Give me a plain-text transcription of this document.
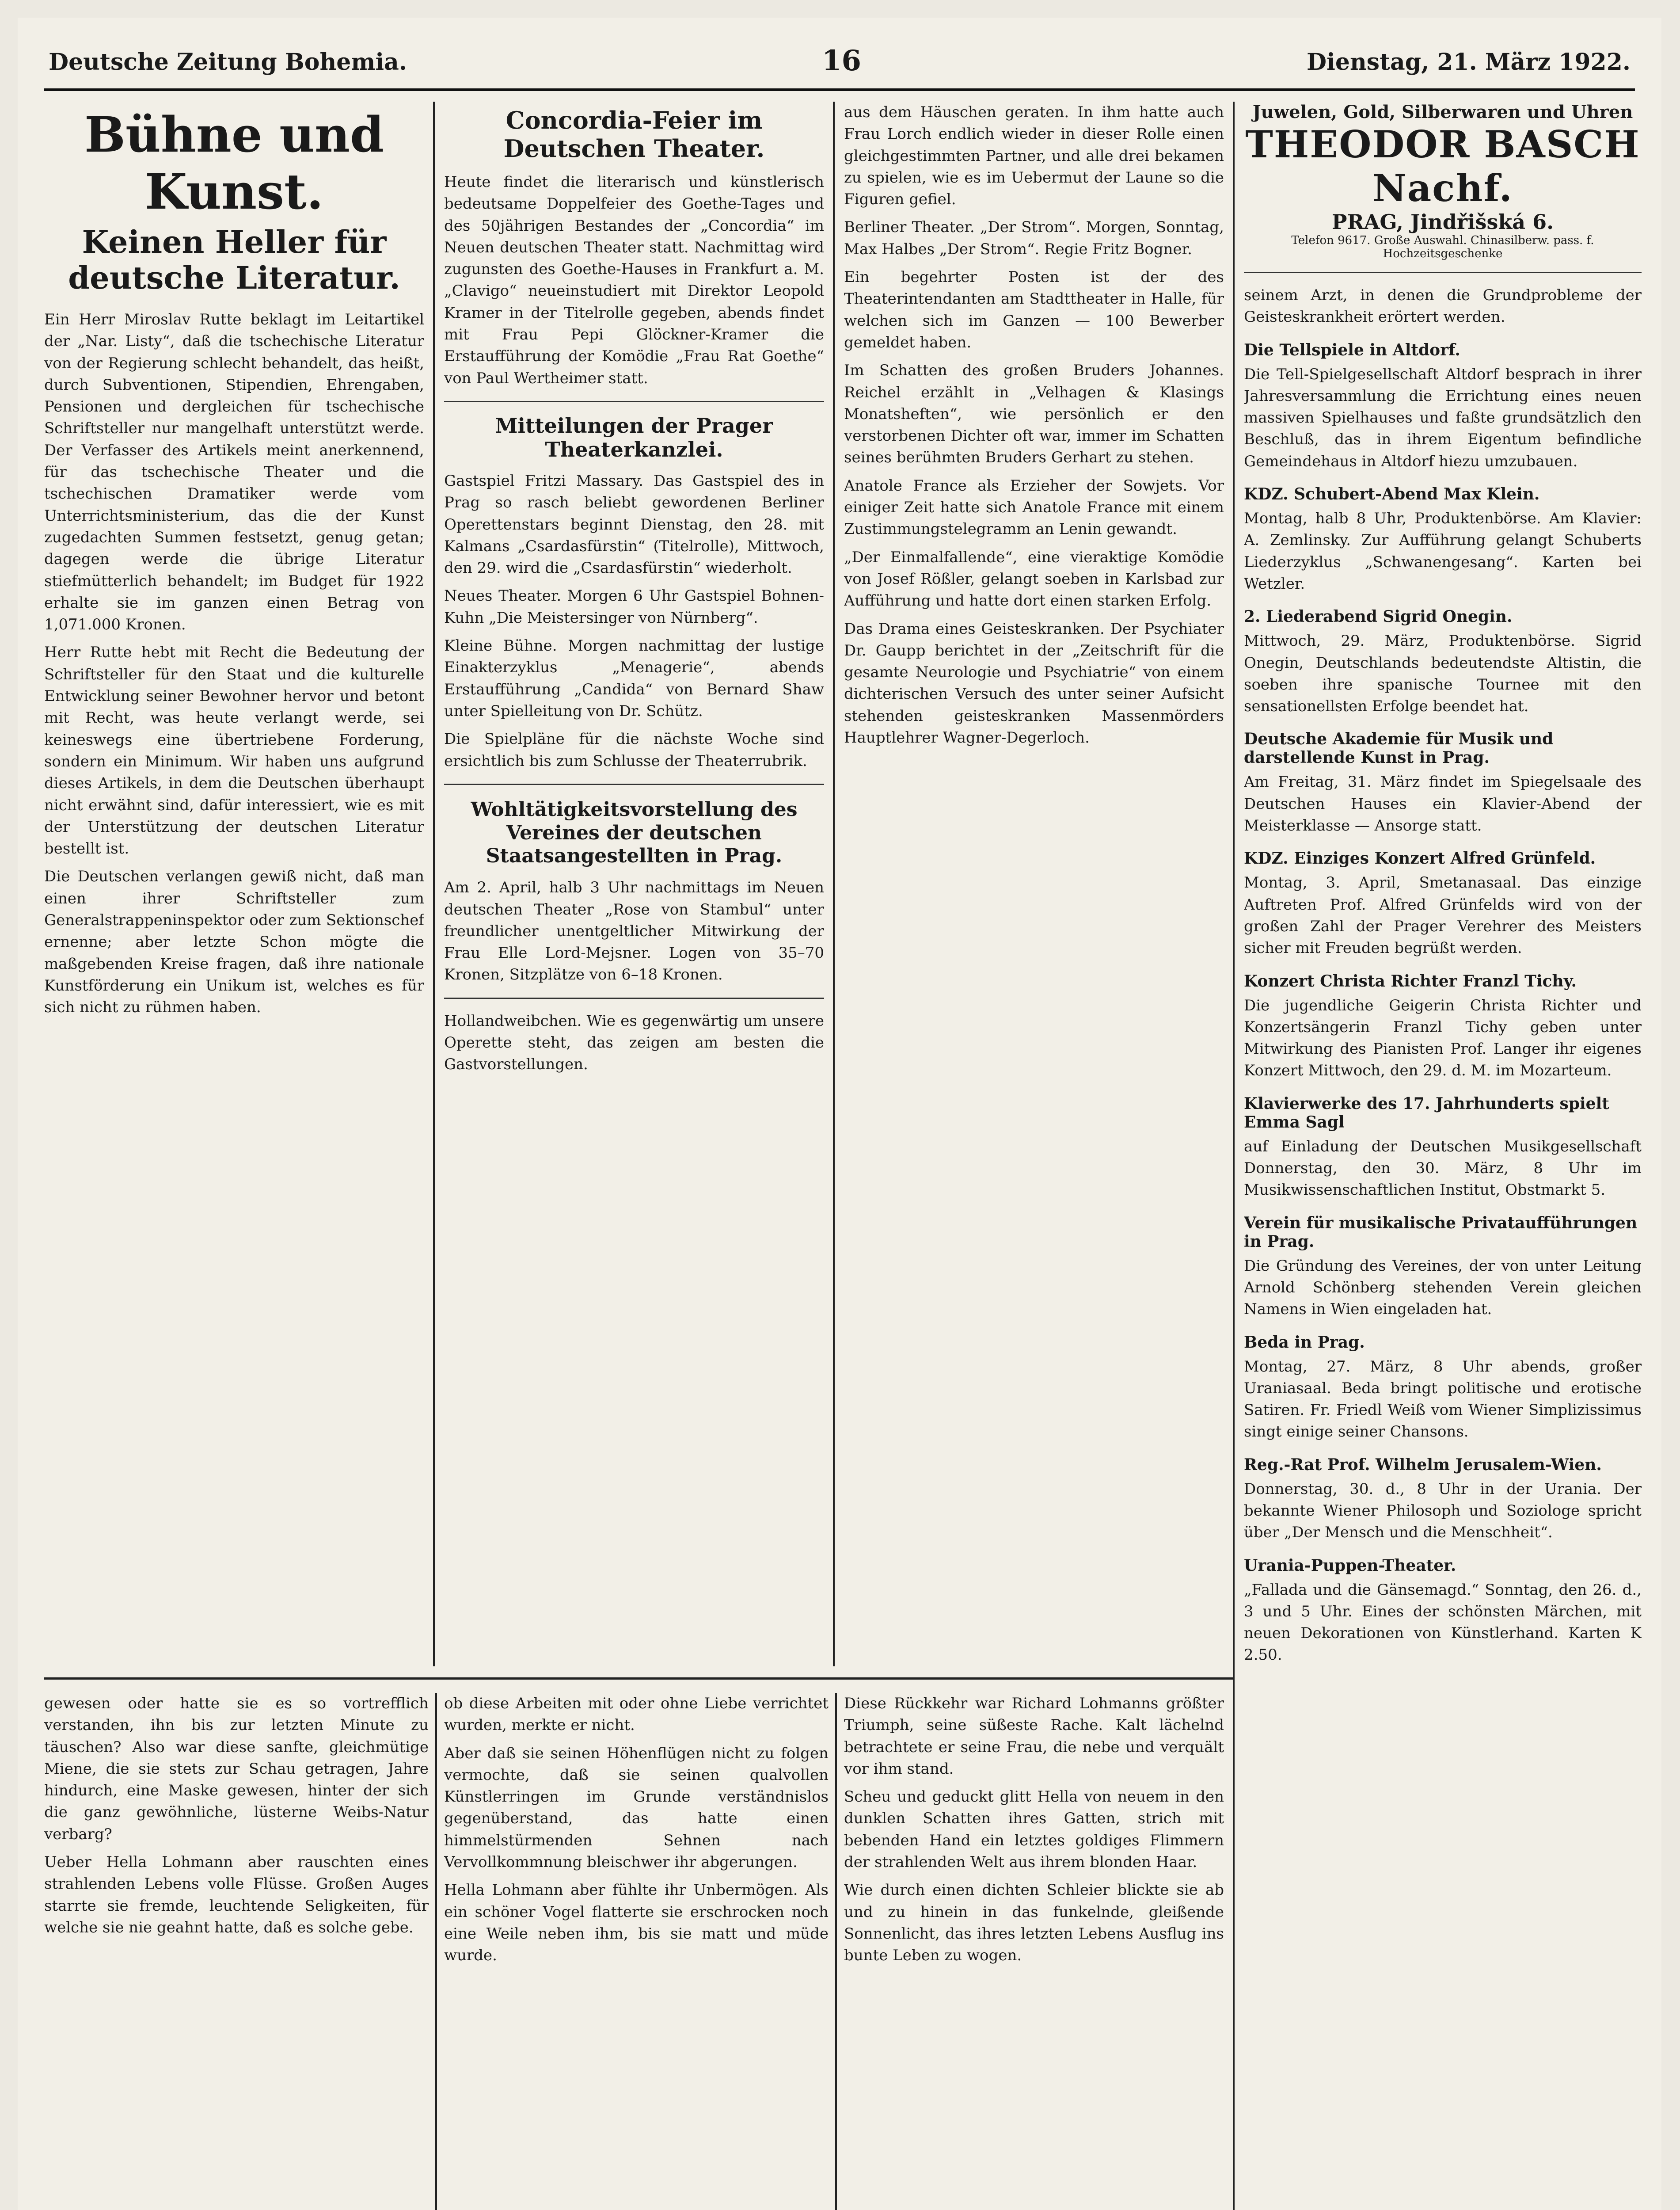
Deutsche Zeitung Bohemia.	16	Dienstag, 21. März 1922.
Bühne und Kunst.
Keinen Heller für deutsche Literatur.

Ein Herr Miroslav Rutte beklagt im Leitartikel der „Nar. Listy“, daß die tschechische Literatur von der Regierung schlecht behandelt, das heißt, durch Subventionen, Stipendien, Ehrengaben, Pensionen und dergleichen für tschechische Schriftsteller nur mangelhaft unterstützt werde. Der Verfasser des Artikels meint anerkennend, für das tschechische Theater und die tschechischen Dramatiker werde vom Unterrichtsministerium, das die der Kunst zugedachten Summen festsetzt, genug getan; dagegen werde die übrige Literatur stiefmütterlich behandelt; im Budget für 1922 erhalte sie im ganzen einen Betrag von 1,071.000 Kronen.

Herr Rutte hebt mit Recht die Bedeutung der Schriftsteller für den Staat und die kulturelle Entwicklung seiner Bewohner hervor und betont mit Recht, was heute verlangt werde, sei keineswegs eine übertriebene Forderung, sondern ein Minimum. Wir haben uns aufgrund dieses Artikels, in dem die Deutschen überhaupt nicht erwähnt sind, dafür interessiert, wie es mit der Unterstützung der deutschen Literatur bestellt ist.

Die Deutschen verlangen gewiß nicht, daß man einen ihrer Schriftsteller zum Generalstrappeninspektor oder zum Sektionschef ernenne; aber letzte Schon mögte die maßgebenden Kreise fragen, daß ihre nationale Kunstförderung ein Unikum ist, welches es für sich nicht zu rühmen haben.

Concordia-Feier im Deutschen Theater.

Heute findet die literarisch und künstlerisch bedeutsame Doppelfeier des Goethe-Tages und des 50jährigen Bestandes der „Concordia“ im Neuen deutschen Theater statt. Nachmittag wird zugunsten des Goethe-Hauses in Frankfurt a. M. „Clavigo“ neueinstudiert mit Direktor Leopold Kramer in der Titelrolle gegeben, abends findet mit Frau Pepi Glöckner-Kramer die Erstaufführung der Komödie „Frau Rat Goethe“ von Paul Wertheimer statt.

Mitteilungen der Prager Theaterkanzlei.

Gastspiel Fritzi Massary. Das Gastspiel des in Prag so rasch beliebt gewordenen Berliner Operettenstars beginnt Dienstag, den 28. mit Kalmans „Csardasfürstin“ (Titelrolle), Mittwoch, den 29. wird die „Csardasfürstin“ wiederholt.

Neues Theater. Morgen 6 Uhr Gastspiel Bohnen-Kuhn „Die Meistersinger von Nürnberg“.

Kleine Bühne. Morgen nachmittag der lustige Einakterzyklus „Menagerie“, abends Erstaufführung „Candida“ von Bernard Shaw unter Spielleitung von Dr. Schütz.

Die Spielpläne für die nächste Woche sind ersichtlich bis zum Schlusse der Theaterrubrik.

Wohltätigkeitsvorstellung des Vereines der deutschen Staatsangestellten in Prag.

Am 2. April, halb 3 Uhr nachmittags im Neuen deutschen Theater „Rose von Stambul“ unter freundlicher unentgeltlicher Mitwirkung der Frau Elle Lord-Mejsner. Logen von 35–70 Kronen, Sitzplätze von 6–18 Kronen.

Hollandweibchen. Wie es gegenwärtig um unsere Operette steht, das zeigen am besten die Gastvorstellungen.

aus dem Häuschen geraten. In ihm hatte auch Frau Lorch endlich wieder in dieser Rolle einen gleichgestimmten Partner, und alle drei bekamen zu spielen, wie es im Uebermut der Laune so die Figuren gefiel.

Berliner Theater. „Der Strom“. Morgen, Sonntag, Max Halbes „Der Strom“. Regie Fritz Bogner.

Ein begehrter Posten ist der des Theaterintendanten am Stadttheater in Halle, für welchen sich im Ganzen — 100 Bewerber gemeldet haben.

Im Schatten des großen Bruders Johannes. Reichel erzählt in „Velhagen & Klasings Monatsheften“, wie persönlich er den verstorbenen Dichter oft war, immer im Schatten seines berühmten Bruders Gerhart zu stehen.

Anatole France als Erzieher der Sowjets. Vor einiger Zeit hatte sich Anatole France mit einem Zustimmungstelegramm an Lenin gewandt.

„Der Einmalfallende“, eine vieraktige Komödie von Josef Rößler, gelangt soeben in Karlsbad zur Aufführung und hatte dort einen starken Erfolg.

Das Drama eines Geisteskranken. Der Psychiater Dr. Gaupp berichtet in der „Zeitschrift für die gesamte Neurologie und Psychiatrie“ von einem dichterischen Versuch des unter seiner Aufsicht stehenden geisteskranken Massenmörders Hauptlehrer Wagner-Degerloch.

Juwelen, Gold, Silberwaren und Uhren
THEODOR BASCH Nachf.
PRAG, Jindřišská 6.
Telefon 9617. Große Auswahl. Chinasilberw. pass. f. Hochzeitsgeschenke

seinem Arzt, in denen die Grundprobleme der Geisteskrankheit erörtert werden.

Die Tellspiele in Altdorf.

Die Tell-Spielgesellschaft Altdorf besprach in ihrer Jahresversammlung die Errichtung eines neuen massiven Spielhauses und faßte grundsätzlich den Beschluß, das in ihrem Eigentum befindliche Gemeindehaus in Altdorf hiezu umzubauen.

KDZ. Schubert-Abend Max Klein.

Montag, halb 8 Uhr, Produktenbörse. Am Klavier: A. Zemlinsky. Zur Aufführung gelangt Schuberts Liederzyklus „Schwanengesang“. Karten bei Wetzler.

2. Liederabend Sigrid Onegin.

Mittwoch, 29. März, Produktenbörse. Sigrid Onegin, Deutschlands bedeutendste Altistin, die soeben ihre spanische Tournee mit den sensationellsten Erfolge beendet hat.

Deutsche Akademie für Musik und darstellende Kunst in Prag.

Am Freitag, 31. März findet im Spiegelsaale des Deutschen Hauses ein Klavier-Abend der Meisterklasse — Ansorge statt.

KDZ. Einziges Konzert Alfred Grünfeld.

Montag, 3. April, Smetanasaal. Das einzige Auftreten Prof. Alfred Grünfelds wird von der großen Zahl der Prager Verehrer des Meisters sicher mit Freuden begrüßt werden.

Konzert Christa Richter Franzl Tichy.

Die jugendliche Geigerin Christa Richter und Konzertsängerin Franzl Tichy geben unter Mitwirkung des Pianisten Prof. Langer ihr eigenes Konzert Mittwoch, den 29. d. M. im Mozarteum.

Klavierwerke des 17. Jahrhunderts spielt Emma Sagl

auf Einladung der Deutschen Musikgesellschaft Donnerstag, den 30. März, 8 Uhr im Musikwissenschaftlichen Institut, Obstmarkt 5.

Verein für musikalische Privataufführungen in Prag.

Die Gründung des Vereines, der von unter Leitung Arnold Schönberg stehenden Verein gleichen Namens in Wien eingeladen hat.

Beda in Prag.

Montag, 27. März, 8 Uhr abends, großer Uraniasaal. Beda bringt politische und erotische Satiren. Fr. Friedl Weiß vom Wiener Simplizissimus singt einige seiner Chansons.

Reg.-Rat Prof. Wilhelm Jerusalem-Wien.

Donnerstag, 30. d., 8 Uhr in der Urania. Der bekannte Wiener Philosoph und Soziologe spricht über „Der Mensch und die Menschheit“.

Urania-Puppen-Theater.

„Fallada und die Gänsemagd.“ Sonntag, den 26. d., 3 und 5 Uhr. Eines der schönsten Märchen, mit neuen Dekorationen von Künstlerhand. Karten K 2.50.

gewesen oder hatte sie es so vortrefflich verstanden, ihn bis zur letzten Minute zu täuschen? Also war diese sanfte, gleichmütige Miene, die sie stets zur Schau getragen, Jahre hindurch, eine Maske gewesen, hinter der sich die ganz gewöhnliche, lüsterne Weibs-Natur verbarg?

Ueber Hella Lohmann aber rauschten eines strahlenden Lebens volle Flüsse. Großen Auges starrte sie fremde, leuchtende Seligkeiten, für welche sie nie geahnt hatte, daß es solche gebe.

ob diese Arbeiten mit oder ohne Liebe verrichtet wurden, merkte er nicht.

Aber daß sie seinen Höhenflügen nicht zu folgen vermochte, daß sie seinen qualvollen Künstlerringen im Grunde verständnislos gegenüberstand, das hatte einen himmelstürmenden Sehnen nach Vervollkommnung bleischwer ihr abgerungen.

Hella Lohmann aber fühlte ihr Unbermögen. Als ein schöner Vogel flatterte sie erschrocken noch eine Weile neben ihm, bis sie matt und müde wurde.

Diese Rückkehr war Richard Lohmanns größter Triumph, seine süßeste Rache. Kalt lächelnd betrachtete er seine Frau, die nebe und verquält vor ihm stand.

Scheu und geduckt glitt Hella von neuem in den dunklen Schatten ihres Gatten, strich mit bebenden Hand ein letztes goldiges Flimmern der strahlenden Welt aus ihrem blonden Haar.

Wie durch einen dichten Schleier blickte sie ab und zu hinein in das funkelnde, gleißende Sonnenlicht, das ihres letzten Lebens Ausflug ins bunte Leben zu wogen.
